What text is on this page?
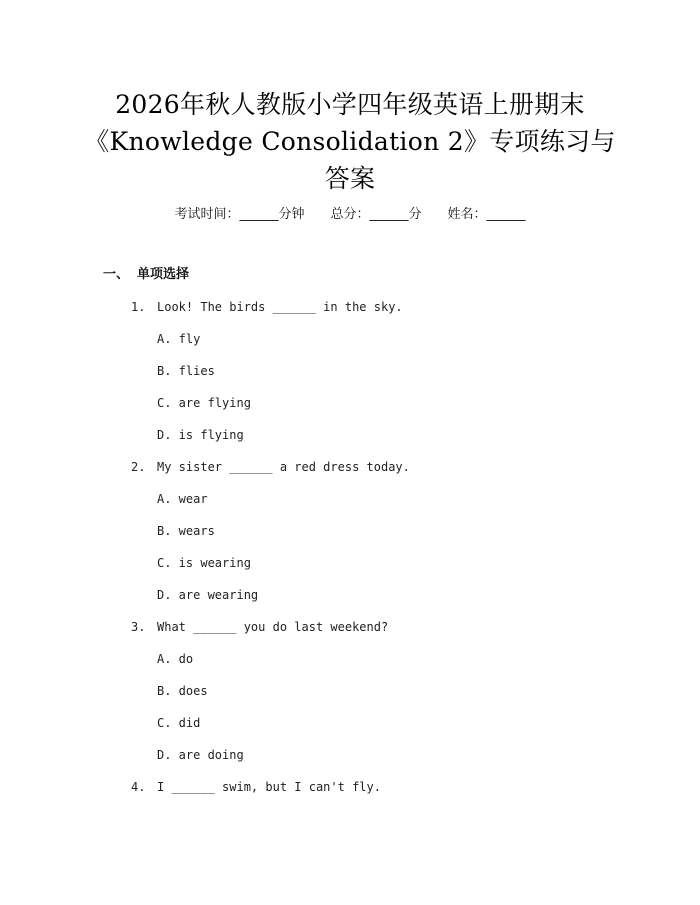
2026年秋人教版小学四年级英语上册期末
《Knowledge Consolidation 2》专项练习与
答案
考试时间：______分钟 总分：______分 姓名：______
一、 单项选择
1. Look! The birds ______ in the sky.
A. fly
B. flies
C. are flying
D. is flying
2. My sister ______ a red dress today.
A. wear
B. wears
C. is wearing
D. are wearing
3. What ______ you do last weekend?
A. do
B. does
C. did
D. are doing
4. I ______ swim, but I can't fly.
